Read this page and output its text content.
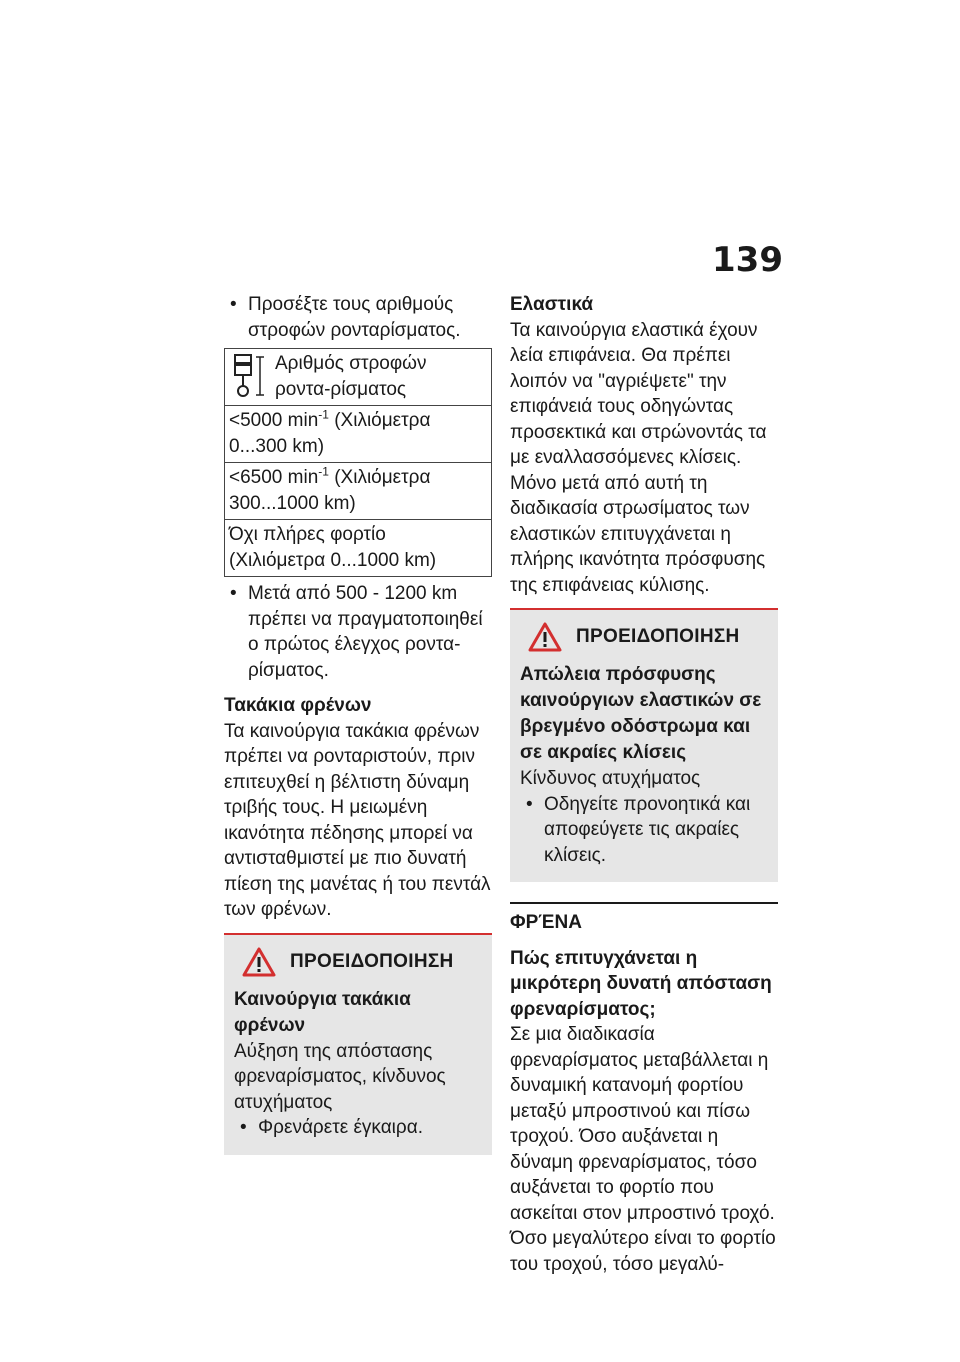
139

• Προσέξτε τους αριθμούς στροφών ρονταρίσματος.

Αριθμός στροφών ροντα-ρίσματος

<5000 $\min^{-1} (X\iota\lambda\iota ό\mu\varepsilon\tau\rho\alpha$ 0...300 km)
<6500 $\min^{-1} (X\iota\lambda\iota ό\mu\varepsilon\tau\rho\alpha$ 300...1000 km)
Όχι πλήρες φορτίο (Χιλιόμετρα 0...1000 km)

• Μετά από 500 - 1200 km πρέπει να πραγματοποιηθεί ο πρώτος έλεγχος ρονταρίσματος.

Τακάκια φρένων

Τα καινούργια τακάκια φρένων πρέπει να ρονταριστούν, πριν επιτευχθεί η βέλτιστη δύναμη τριβής τους. Η μειωμένη ικανότητα πέδησης μπορεί να αντισταθμιστεί με πιο δυνατή πίεση της μανέτας ή του πεντάλ των φρένων.

ΠΡΟΕΙΔΟΠΟΙΗΣΗ

Καινούργια τακάκια φρένων

Αύξηση της απόστασης φρεναρίσματος, κίνδυνος ατυχήματος

• Φρενάρετε έγκαιρα.

Ελαστικά

Τα καινούργια ελαστικά έχουν λεία επιφάνεια. Θα πρέπει λοιπόν να "αγριέψετε" την επιφάνειά τους οδηγώντας προσεκτικά και στρώνοντάς τα με εναλλασσόμενες κλίσεις. Μόνο μετά από αυτή τη διαδικασία στρωσίματος των ελαστικών επιτυγχάνεται η πλήρης ικανότητα πρόσφυσης της επιφάνειας κύλισης.

ΠΡΟΕΙΔΟΠΟΙΗΣΗ

Απώλεια πρόσφυσης καινούργιων ελαστικών σε βρεγμένο οδόστρωμα και σε ακραίες κλίσεις

Κίνδυνος ατυχήματος

• Οδηγείτε προνοητικά και αποφεύγετε τις ακραίες κλίσεις.

ΦΡΈΝΑ

Πώς επιτυγχάνεται η μικρότερη δυνατή απόσταση φρεναρίσματος;

Σε μια διαδικασία φρεναρίσματος μεταβάλλεται η δυναμική κατανομή φορτίου μεταξύ μπροστινού και πίσω τροχού. Όσο αυξάνεται η δύναμη φρεναρίσματος, τόσο αυξάνεται το φορτίο που ασκείται στον μπροστινό τροχό. Όσο μεγαλύτερο είναι το φορτίο του τροχού, τόσο μεγαλύ-
